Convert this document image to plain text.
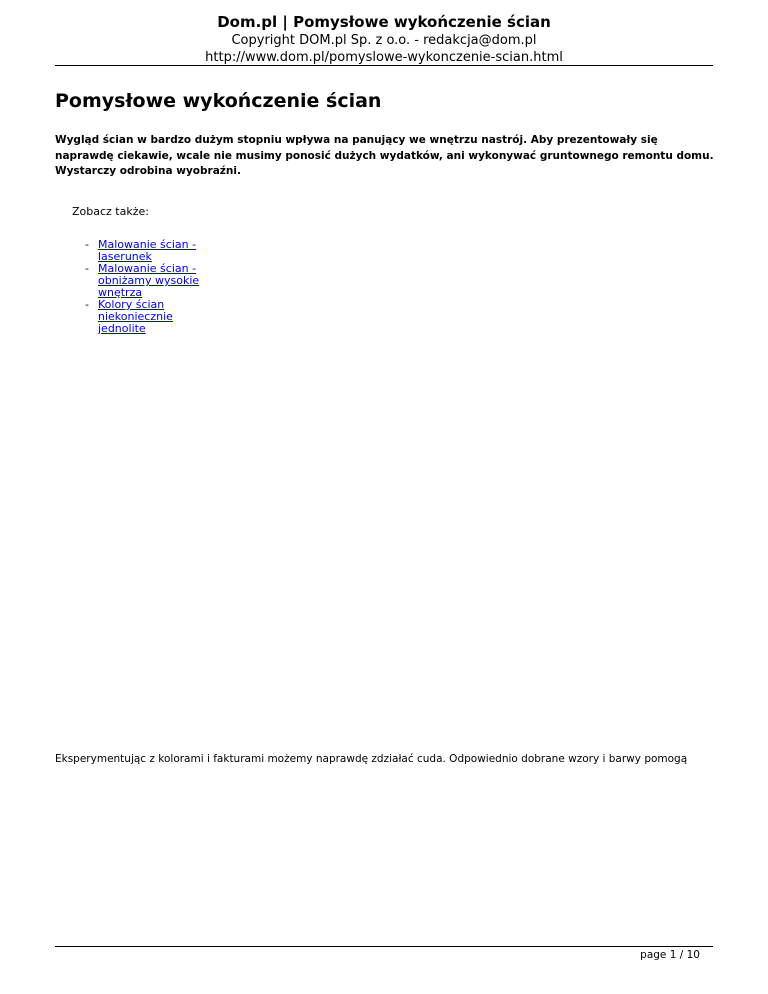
Dom.pl | Pomysłowe wykończenie ścian

Copyright DOM.pl Sp. z o.o. - redakcja@dom.pl

http://www.dom.pl/pomyslowe-wykonczenie-scian.html

Pomysłowe wykończenie ścian

Wygląd ścian w bardzo dużym stopniu wpływa na panujący we wnętrzu nastrój. Aby prezentowały się naprawdę ciekawie, wcale nie musimy ponosić dużych wydatków, ani wykonywać gruntownego remontu domu. Wystarczy odrobina wyobraźni.

Zobacz także:

- Malowanie ścian - laserunek
- Malowanie ścian - obniżamy wysokie wnętrza
- Kolory ścian niekoniecznie jednolite

Eksperymentując z kolorami i fakturami możemy naprawdę zdziałać cuda. Odpowiednio dobrane wzory i barwy pomogą

page 1 / 10
